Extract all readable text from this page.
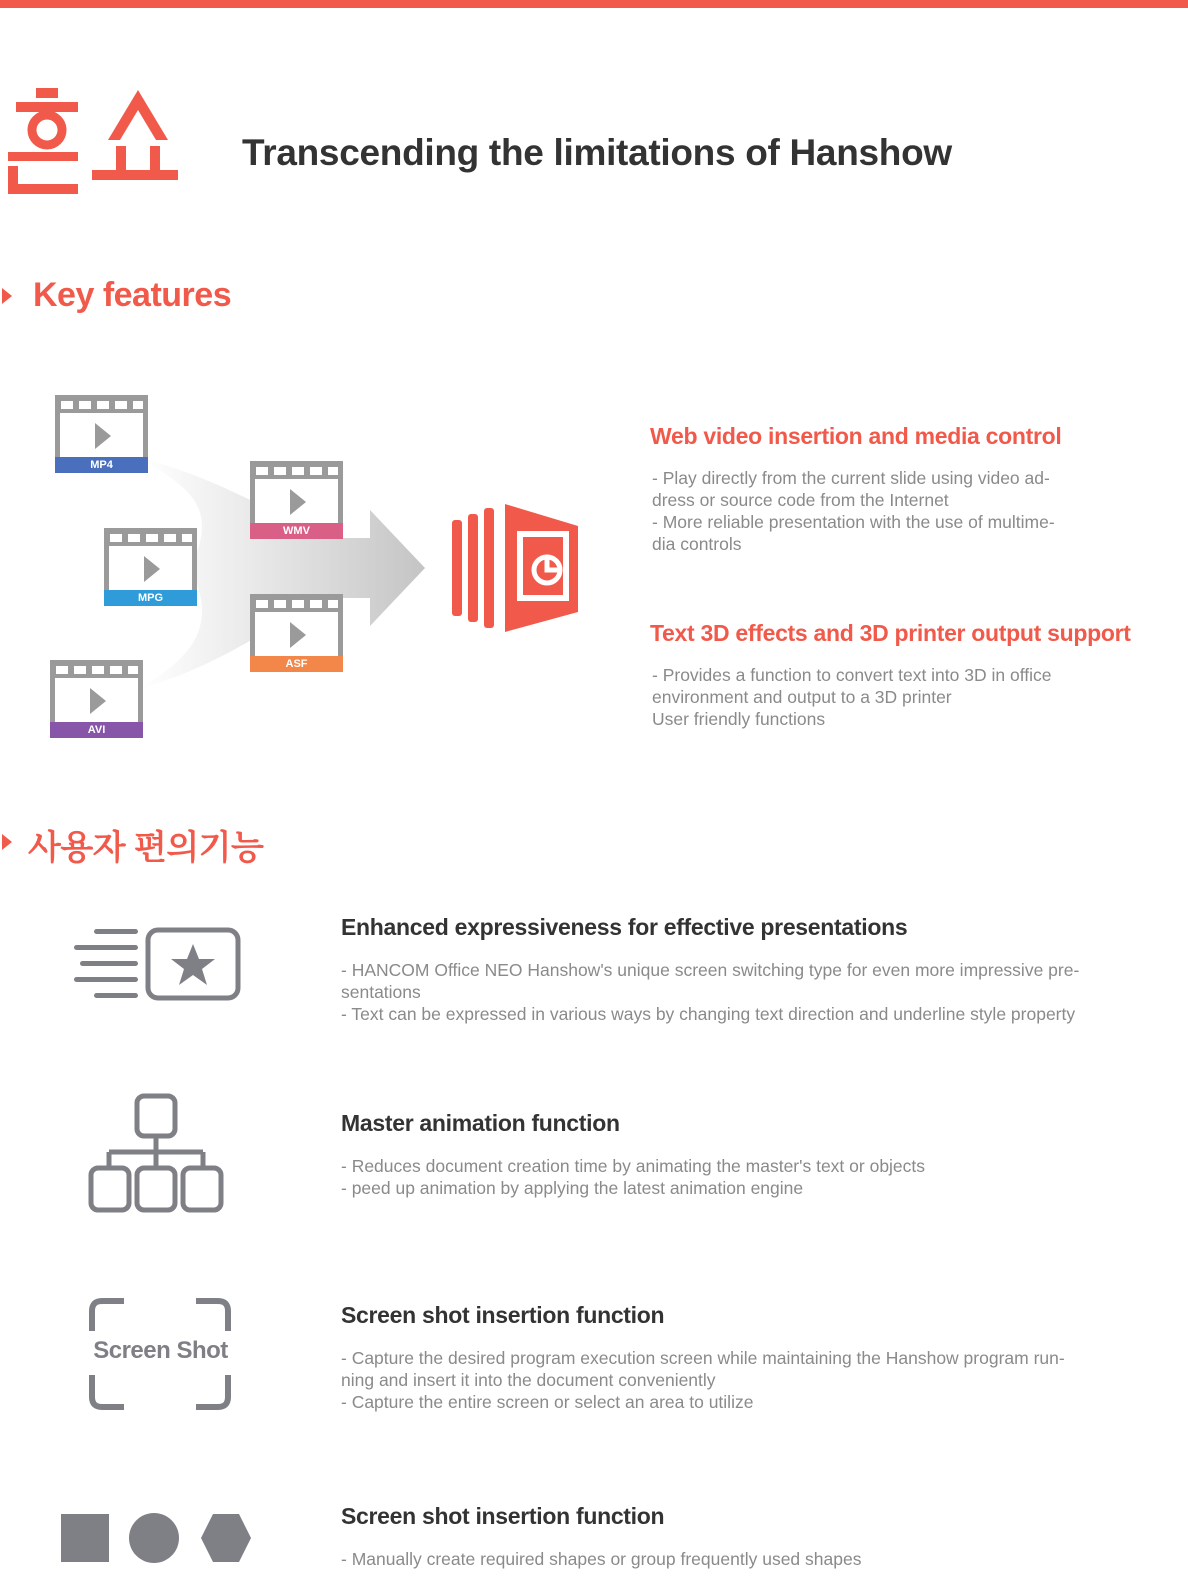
Transcending the limitations of Hanshow
Key features
MP4
MPG
AVI
WMV
ASF
Web video insertion and media control
- Play directly from the current slide using video ad-
dress or source code from the Internet
- More reliable presentation with the use of multime-
dia controls
Text 3D effects and 3D printer output support
- Provides a function to convert text into 3D in office
environment and output to a 3D printer
User friendly functions
사용자 편의기능
Enhanced expressiveness for effective presentations
- HANCOM Office NEO Hanshow's unique screen switching type for even more impressive pre-
sentations
- Text can be expressed in various ways by changing text direction and underline style property
Master animation function
- Reduces document creation time by animating the master's text or objects
- peed up animation by applying the latest animation engine
Screen Shot
Screen shot insertion function
- Capture the desired program execution screen while maintaining the Hanshow program run-
ning and insert it into the document conveniently
- Capture the entire screen or select an area to utilize
Screen shot insertion function
- Manually create required shapes or group frequently used shapes
